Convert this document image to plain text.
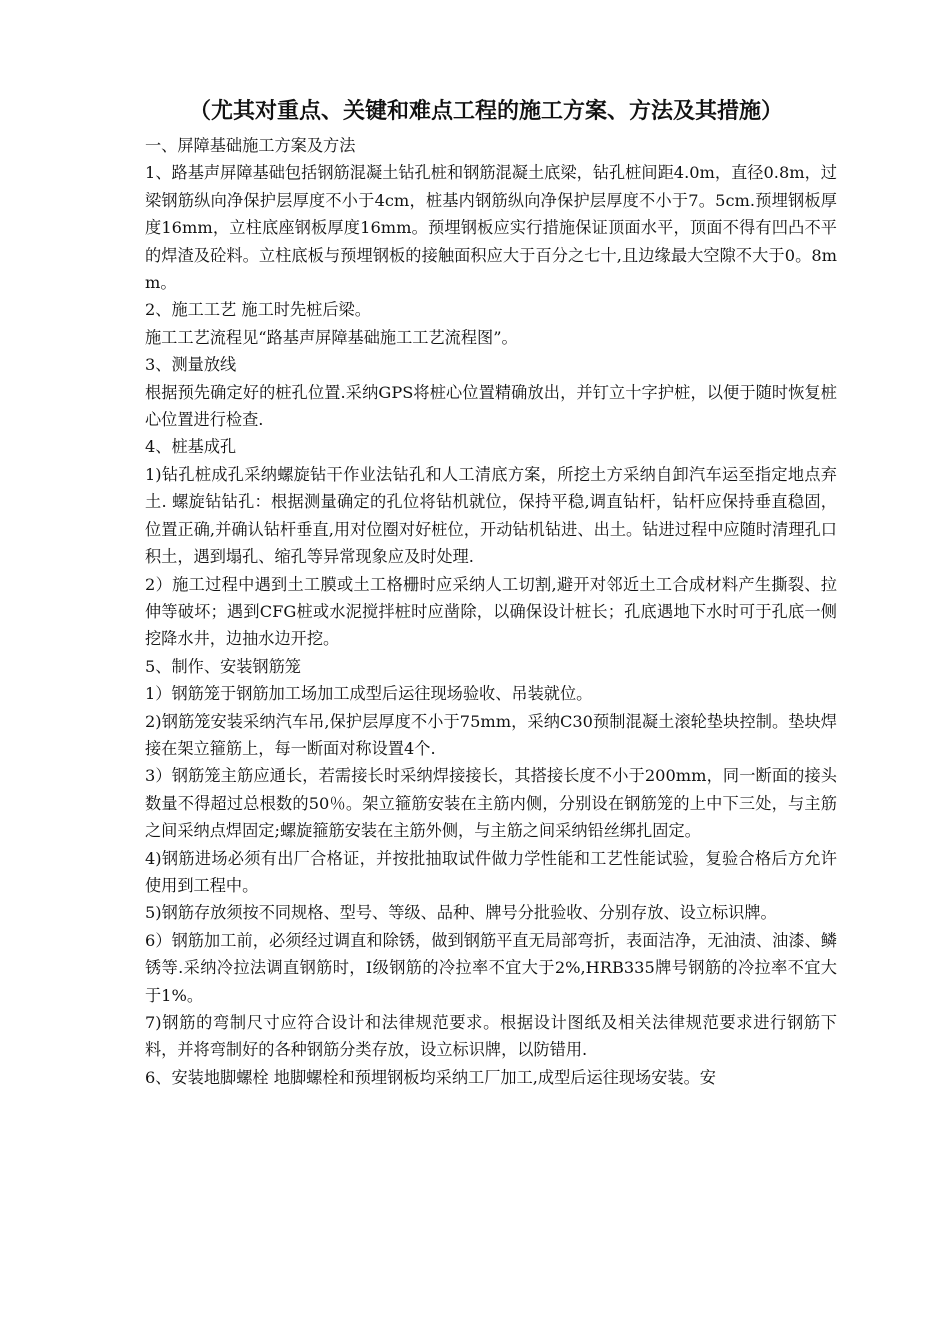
（尤其对重点、关键和难点工程的施工方案、方法及其措施）

一、屏障基础施工方案及方法

1、路基声屏障基础包括钢筋混凝土钻孔桩和钢筋混凝土底梁，钻孔桩间距4.0m，直径0.8m，过梁钢筋纵向净保护层厚度不小于4cm，桩基内钢筋纵向净保护层厚度不小于7。5cm.预埋钢板厚度16mm，立柱底座钢板厚度16mm。预埋钢板应实行措施保证顶面水平，顶面不得有凹凸不平的焊渣及砼料。立柱底板与预埋钢板的接触面积应大于百分之七十,且边缘最大空隙不大于0。8mm。

2、施工工艺 施工时先桩后梁。

施工工艺流程见“路基声屏障基础施工工艺流程图”。

3、测量放线

根据预先确定好的桩孔位置.采纳GPS将桩心位置精确放出，并钉立十字护桩，以便于随时恢复桩心位置进行检查.

4、桩基成孔

1)钻孔桩成孔采纳螺旋钻干作业法钻孔和人工清底方案，所挖土方采纳自卸汽车运至指定地点弃土. 螺旋钻钻孔：根据测量确定的孔位将钻机就位，保持平稳,调直钻杆，钻杆应保持垂直稳固，位置正确,并确认钻杆垂直,用对位圈对好桩位，开动钻机钻进、出土。钻进过程中应随时清理孔口积土，遇到塌孔、缩孔等异常现象应及时处理.

2）施工过程中遇到土工膜或土工格栅时应采纳人工切割,避开对邻近土工合成材料产生撕裂、拉伸等破坏；遇到CFG桩或水泥搅拌桩时应凿除，以确保设计桩长；孔底遇地下水时可于孔底一侧挖降水井，边抽水边开挖。

5、制作、安装钢筋笼

1）钢筋笼于钢筋加工场加工成型后运往现场验收、吊装就位。

2)钢筋笼安装采纳汽车吊,保护层厚度不小于75mm，采纳C30预制混凝土滚轮垫块控制。垫块焊接在架立箍筋上，每一断面对称设置4个.

3）钢筋笼主筋应通长，若需接长时采纳焊接接长，其搭接长度不小于200mm，同一断面的接头数量不得超过总根数的50％。架立箍筋安装在主筋内侧，分别设在钢筋笼的上中下三处，与主筋之间采纳点焊固定;螺旋箍筋安装在主筋外侧，与主筋之间采纳铅丝绑扎固定。

4)钢筋进场必须有出厂合格证，并按批抽取试件做力学性能和工艺性能试验，复验合格后方允许使用到工程中。

5)钢筋存放须按不同规格、型号、等级、品种、牌号分批验收、分别存放、设立标识牌。

6）钢筋加工前，必须经过调直和除锈，做到钢筋平直无局部弯折，表面洁净，无油渍、油漆、鳞锈等.采纳冷拉法调直钢筋时，Ⅰ级钢筋的冷拉率不宜大于2%,HRB335牌号钢筋的冷拉率不宜大于1%。

7)钢筋的弯制尺寸应符合设计和法律规范要求。根据设计图纸及相关法律规范要求进行钢筋下料，并将弯制好的各种钢筋分类存放，设立标识牌，以防错用.

6、安装地脚螺栓 地脚螺栓和预埋钢板均采纳工厂加工,成型后运往现场安装。安
